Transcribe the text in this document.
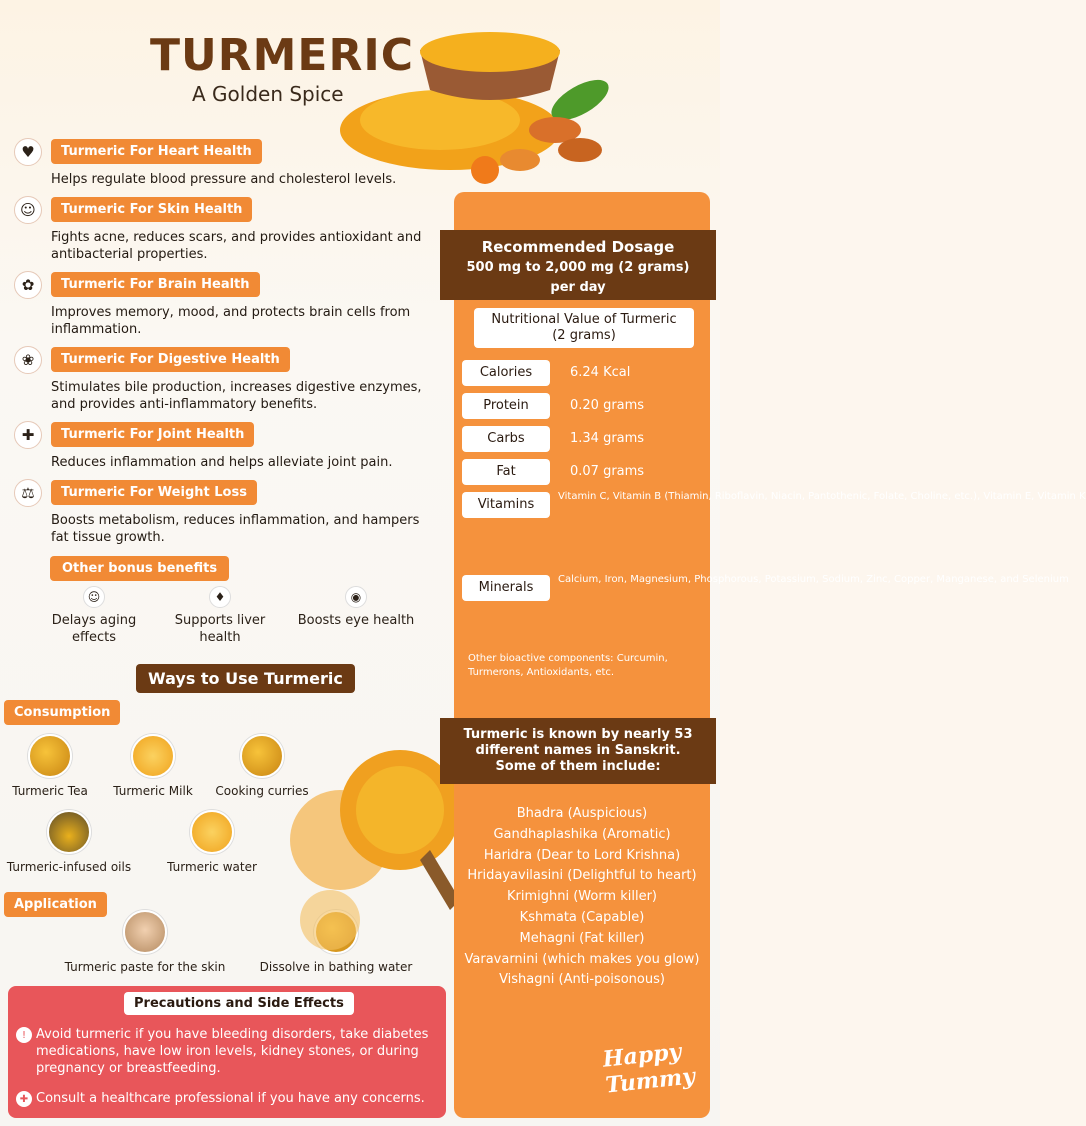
TURMERIC
A Golden Spice
♥	Turmeric For Heart Health
Helps regulate blood pressure and cholesterol levels.
☺	Turmeric For Skin Health
Fights acne, reduces scars, and provides antioxidant and antibacterial properties.
✿	Turmeric For Brain Health
Improves memory, mood, and protects brain cells from inflammation.
❀	Turmeric For Digestive Health
Stimulates bile production, increases digestive enzymes, and provides anti-inflammatory benefits.
✚	Turmeric For Joint Health
Reduces inflammation and helps alleviate joint pain.
⚖	Turmeric For Weight Loss
Boosts metabolism, reduces inflammation, and hampers fat tissue growth.
Other bonus benefits
☺
Delays aging effects
♦
Supports liver health
◉
Boosts eye health
Ways to Use Turmeric
Consumption
Turmeric Tea	Turmeric Milk	Cooking curries
Turmeric-infused oils	Turmeric water
Application
Turmeric paste for the skin	Dissolve in bathing water
Precautions and Side Effects
! Avoid turmeric if you have bleeding disorders, take diabetes medications, have low iron levels, kidney stones, or during pregnancy or breastfeeding.
✚ Consult a healthcare professional if you have any concerns.
Recommended Dosage
500 mg to 2,000 mg (2 grams)
per day
Nutritional Value of Turmeric
(2 grams)
Calories	6.24 Kcal
Protein	0.20 grams
Carbs	1.34 grams
Fat	0.07 grams
Vitamins
Vitamin C, Vitamin B (Thiamin, Riboflavin, Niacin, Pantothenic, Folate, Choline, etc.), Vitamin E, Vitamin K
Minerals
Calcium, Iron, Magnesium, Phosphorous, Potassium, Sodium, Zinc, Copper, Manganese, and Selenium
Other bioactive components: Curcumin, Turmerons, Antioxidants, etc.
Turmeric is known by nearly 53
different names in Sanskrit.
Some of them include:
Bhadra (Auspicious)
Gandhaplashika (Aromatic)
Haridra (Dear to Lord Krishna)
Hridayavilasini (Delightful to heart)
Krimighni (Worm killer)
Kshmata (Capable)
Mehagni (Fat killer)
Varavarnini (which makes you glow)
Vishagni (Anti-poisonous)
Happy
Tummy
